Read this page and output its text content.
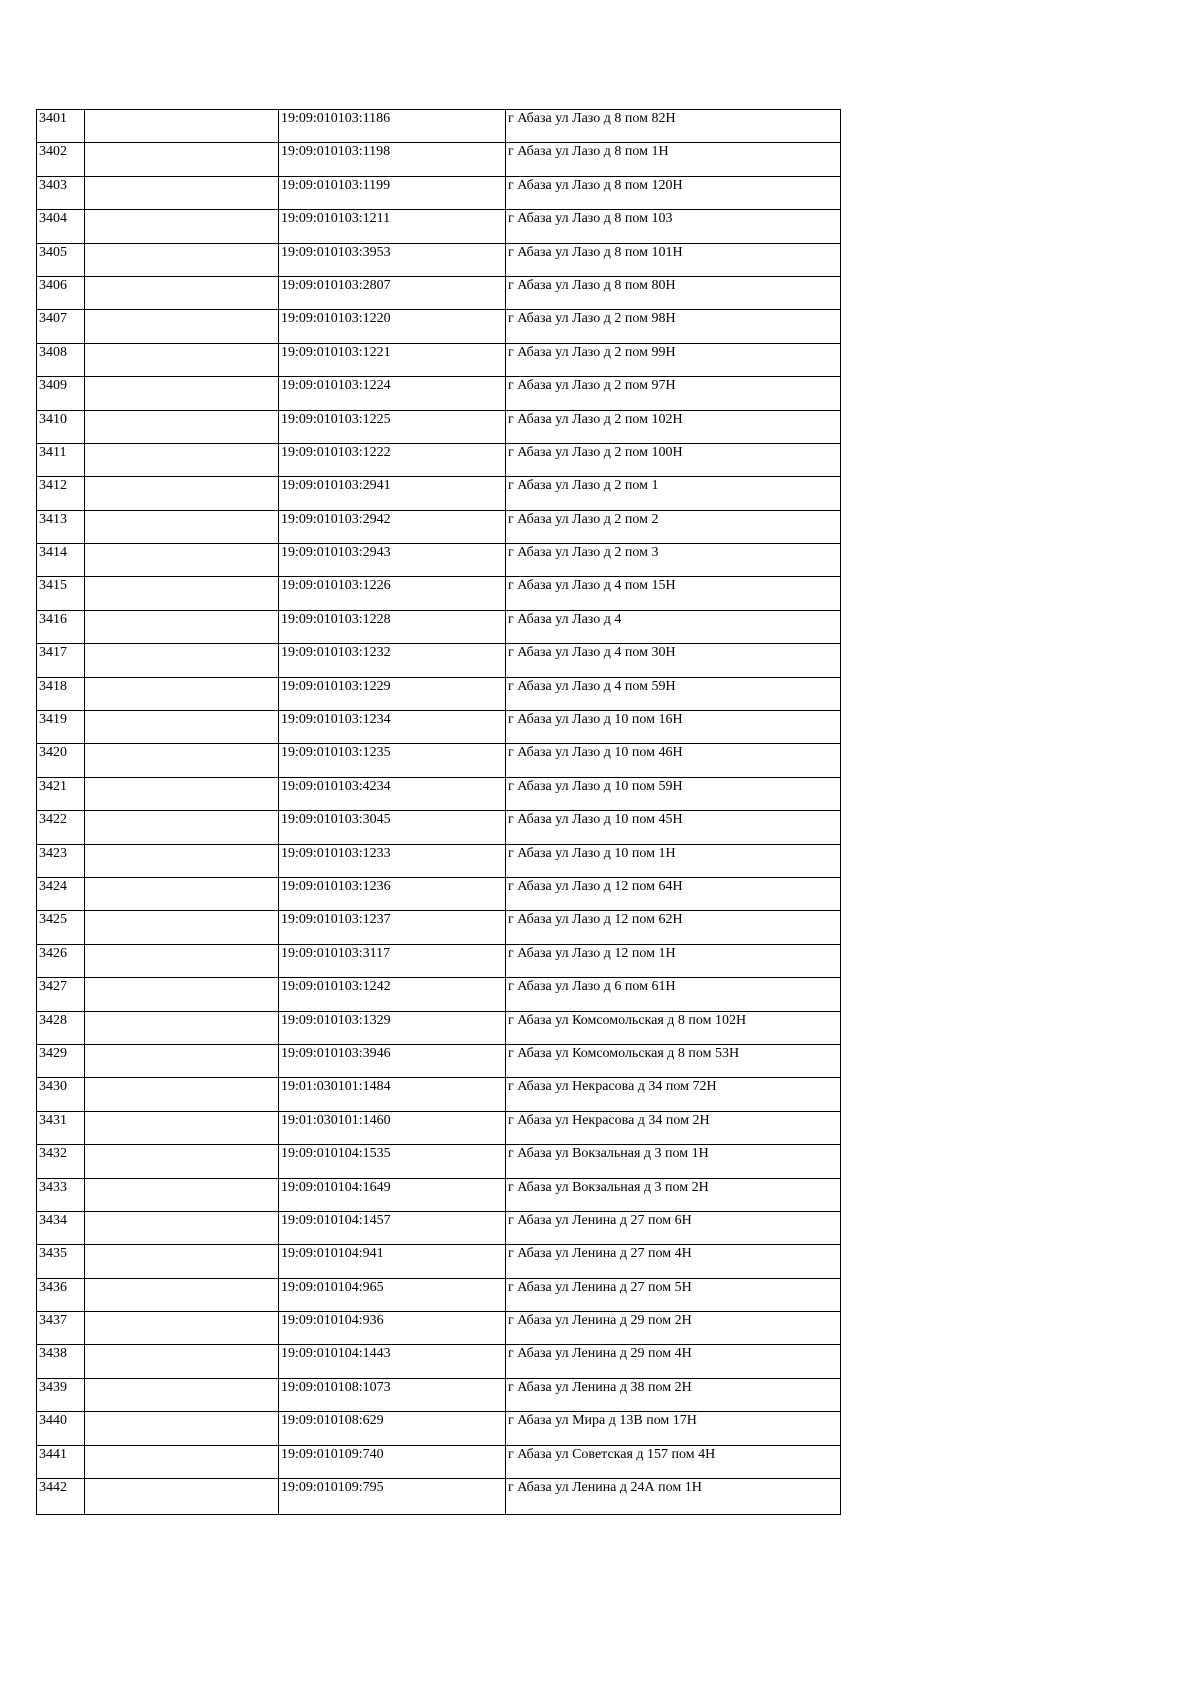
3401		19:09:010103:1186	г Абаза ул Лазо д 8 пом 82Н
3402		19:09:010103:1198	г Абаза ул Лазо д 8 пом 1Н
3403		19:09:010103:1199	г Абаза ул Лазо д 8 пом 120Н
3404		19:09:010103:1211	г Абаза ул Лазо д 8 пом 103
3405		19:09:010103:3953	г Абаза ул Лазо д 8 пом 101Н
3406		19:09:010103:2807	г Абаза ул Лазо д 8 пом 80Н
3407		19:09:010103:1220	г Абаза ул Лазо д 2 пом 98Н
3408		19:09:010103:1221	г Абаза ул Лазо д 2 пом 99Н
3409		19:09:010103:1224	г Абаза ул Лазо д 2 пом 97Н
3410		19:09:010103:1225	г Абаза ул Лазо д 2 пом 102Н
3411		19:09:010103:1222	г Абаза ул Лазо д 2 пом 100Н
3412		19:09:010103:2941	г Абаза ул Лазо д 2 пом 1
3413		19:09:010103:2942	г Абаза ул Лазо д 2 пом 2
3414		19:09:010103:2943	г Абаза ул Лазо д 2 пом 3
3415		19:09:010103:1226	г Абаза ул Лазо д 4 пом 15Н
3416		19:09:010103:1228	г Абаза ул Лазо д 4
3417		19:09:010103:1232	г Абаза ул Лазо д 4 пом 30Н
3418		19:09:010103:1229	г Абаза ул Лазо д 4 пом 59Н
3419		19:09:010103:1234	г Абаза ул Лазо д 10 пом 16Н
3420		19:09:010103:1235	г Абаза ул Лазо д 10 пом 46Н
3421		19:09:010103:4234	г Абаза ул Лазо д 10 пом 59Н
3422		19:09:010103:3045	г Абаза ул Лазо д 10 пом 45Н
3423		19:09:010103:1233	г Абаза ул Лазо д 10 пом 1Н
3424		19:09:010103:1236	г Абаза ул Лазо д 12 пом 64Н
3425		19:09:010103:1237	г Абаза ул Лазо д 12 пом 62Н
3426		19:09:010103:3117	г Абаза ул Лазо д 12 пом 1Н
3427		19:09:010103:1242	г Абаза ул Лазо д 6 пом 61Н
3428		19:09:010103:1329	г Абаза ул Комсомольская д 8 пом 102Н
3429		19:09:010103:3946	г Абаза ул Комсомольская д 8 пом 53Н
3430		19:01:030101:1484	г Абаза ул Некрасова д 34 пом 72Н
3431		19:01:030101:1460	г Абаза ул Некрасова д 34 пом 2Н
3432		19:09:010104:1535	г Абаза ул Вокзальная д 3 пом 1Н
3433		19:09:010104:1649	г Абаза ул Вокзальная д 3 пом 2Н
3434		19:09:010104:1457	г Абаза ул Ленина д 27 пом 6Н
3435		19:09:010104:941	г Абаза ул Ленина д 27 пом 4Н
3436		19:09:010104:965	г Абаза ул Ленина д 27 пом 5Н
3437		19:09:010104:936	г Абаза ул Ленина д 29 пом 2Н
3438		19:09:010104:1443	г Абаза ул Ленина д 29 пом 4Н
3439		19:09:010108:1073	г Абаза ул Ленина д 38 пом 2Н
3440		19:09:010108:629	г Абаза ул Мира д 13В пом 17Н
3441		19:09:010109:740	г Абаза ул Советская д 157 пом 4Н
3442		19:09:010109:795	г Абаза ул Ленина д 24А пом 1Н
